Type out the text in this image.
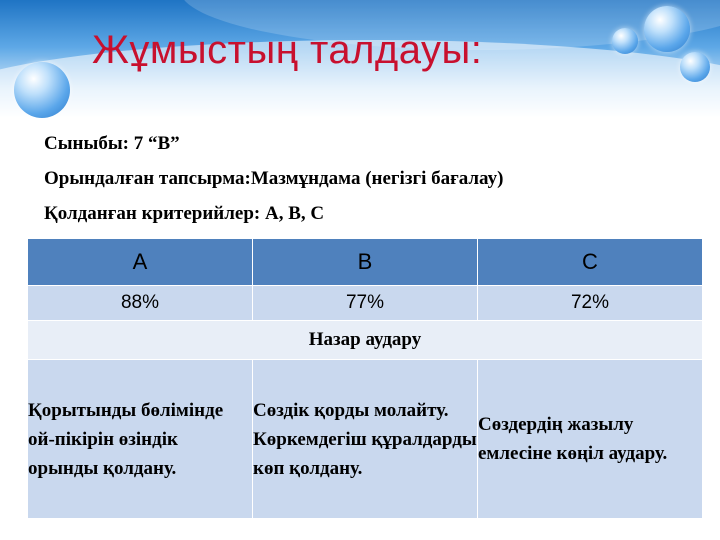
Жұмыстың талдауы:
Сыныбы: 7 “В”
Орындалған тапсырма:Мазмұндама (негізгі бағалау)
Қолданған критерийлер: А, В, С
A	B	C
88%	77%	72%
Назар аудару		
Қорытынды бөлімінде ой-пікірін өзіндік орынды қолдану.	Сөздік қорды молайту. Көркемдегіш құралдарды көп қолдану.	Сөздердің жазылу емлесіне көңіл аудару.
